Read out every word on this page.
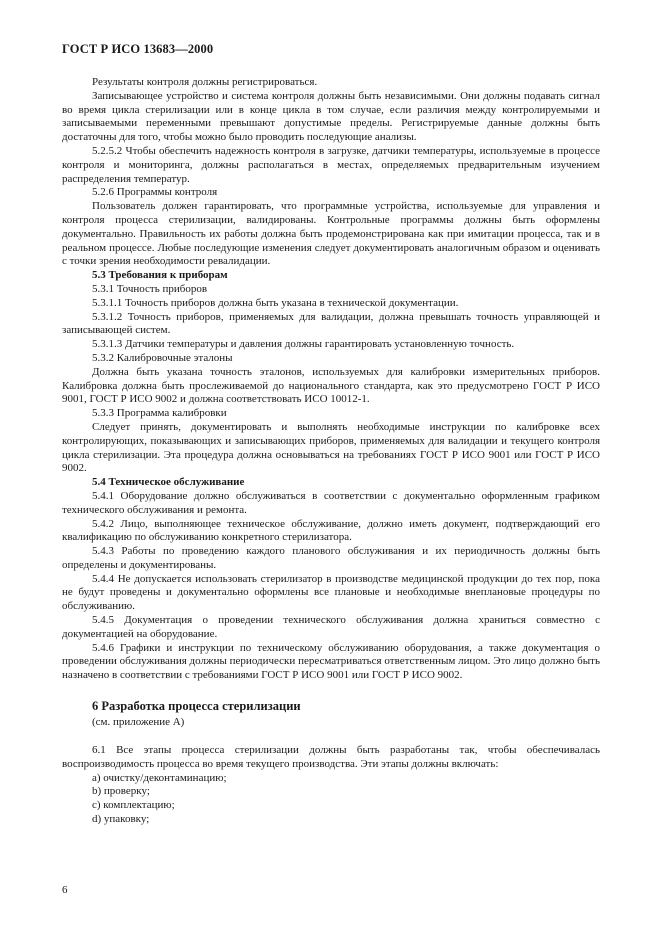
ГОСТ Р ИСО 13683—2000

Результаты контроля должны регистрироваться.

Записывающее устройство и система контроля должны быть независимыми. Они должны подавать сигнал во время цикла стерилизации или в конце цикла в том случае, если различия между контролируемыми и записываемыми переменными превышают допустимые пределы. Регистрируемые данные должны быть достаточны для того, чтобы можно было проводить последующие анализы.

5.2.5.2 Чтобы обеспечить надежность контроля в загрузке, датчики температуры, используемые в процессе контроля и мониторинга, должны располагаться в местах, определяемых предварительным изучением распределения температур.

5.2.6 Программы контроля

Пользователь должен гарантировать, что программные устройства, используемые для управления и контроля процесса стерилизации, валидированы. Контрольные программы должны быть оформлены документально. Правильность их работы должна быть продемонстрирована как при имитации процесса, так и в реальном процессе. Любые последующие изменения следует документировать аналогичным образом и оценивать с точки зрения необходимости ревалидации.

5.3 Требования к приборам

5.3.1 Точность приборов

5.3.1.1 Точность приборов должна быть указана в технической документации.

5.3.1.2 Точность приборов, применяемых для валидации, должна превышать точность управляющей и записывающей систем.

5.3.1.3 Датчики температуры и давления должны гарантировать установленную точность.

5.3.2 Калибровочные эталоны

Должна быть указана точность эталонов, используемых для калибровки измерительных приборов. Калибровка должна быть прослеживаемой до национального стандарта, как это предусмотрено ГОСТ Р ИСО 9001, ГОСТ Р ИСО 9002 и должна соответствовать ИСО 10012-1.

5.3.3 Программа калибровки

Следует принять, документировать и выполнять необходимые инструкции по калибровке всех контролирующих, показывающих и записывающих приборов, применяемых для валидации и текущего контроля цикла стерилизации. Эта процедура должна основываться на требованиях ГОСТ Р ИСО 9001 или ГОСТ Р ИСО 9002.

5.4 Техническое обслуживание

5.4.1 Оборудование должно обслуживаться в соответствии с документально оформленным графиком технического обслуживания и ремонта.

5.4.2 Лицо, выполняющее техническое обслуживание, должно иметь документ, подтверждающий его квалификацию по обслуживанию конкретного стерилизатора.

5.4.3 Работы по проведению каждого планового обслуживания и их периодичность должны быть определены и документированы.

5.4.4 Не допускается использовать стерилизатор в производстве медицинской продукции до тех пор, пока не будут проведены и документально оформлены все плановые и необходимые внеплановые процедуры по обслуживанию.

5.4.5 Документация о проведении технического обслуживания должна храниться совместно с документацией на оборудование.

5.4.6 Графики и инструкции по техническому обслуживанию оборудования, а также документация о проведении обслуживания должны периодически пересматриваться ответственным лицом. Это лицо должно быть назначено в соответствии с требованиями ГОСТ Р ИСО 9001 или ГОСТ Р ИСО 9002.

6 Разработка процесса стерилизации
(см. приложение А)

6.1 Все этапы процесса стерилизации должны быть разработаны так, чтобы обеспечивалась воспроизводимость процесса во время текущего производства. Эти этапы должны включать:

a) очистку/деконтаминацию;

b) проверку;

c) комплектацию;

d) упаковку;

6
